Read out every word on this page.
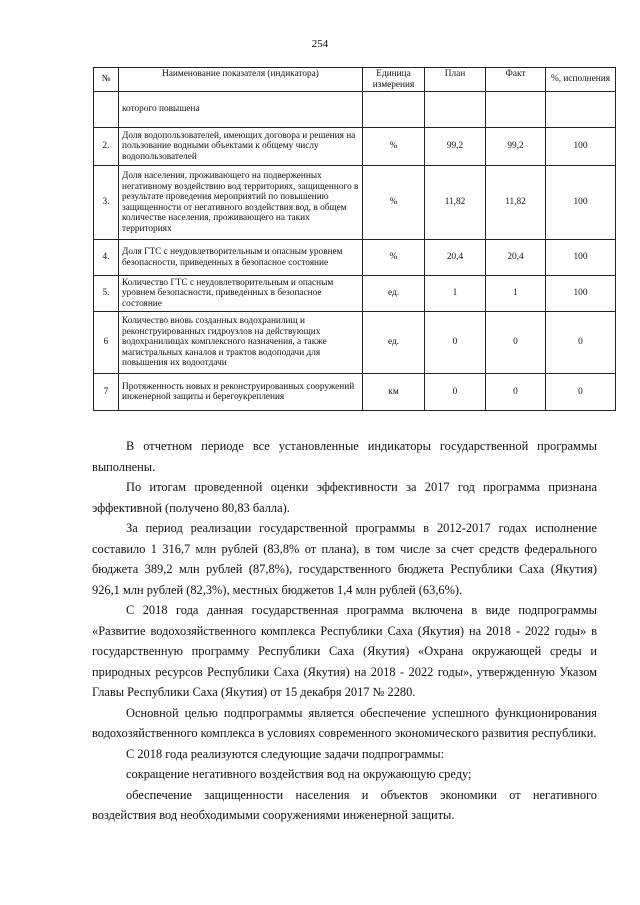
254
№	Наименование показателя (индикатора)	Единица измерения	План	Факт	%, исполнения
	которого повышена				
2.	Доля водопользователей, имеющих договора и решения на пользование водными объектами к общему числу водопользователей	%	99,2	99,2	100
3.	Доля населения, проживающего на подверженных негативному воздействию вод территориях, защищенного в результате проведения мероприятий по повышению защищенности от негативного воздействия вод, в общем количестве населения, проживающего на таких территориях	%	11,82	11,82	100
4.	Доля ГТС с неудовлетворительным и опасным уровнем безопасности, приведенных в безопасное состояние	%	20,4	20,4	100
5.	Количество ГТС с неудовлетворительным и опасным уровнем безопасности, приведенных в безопасное состояние	ед.	1	1	100
6	Количество вновь созданных водохранилищ и реконструированных гидроузлов на действующих водохранилищах комплексного назначения, а также магистральных каналов и трактов водоподачи для повышения их водоотдачи	ед.	0	0	0
7	Протяженность новых и реконструированных сооружений инженерной защиты и берегоукрепления	км	0	0	0

В отчетном периоде все установленные индикаторы государственной программы выполнены.

По итогам проведенной оценки эффективности за 2017 год программа признана эффективной (получено 80,83 балла).

За период реализации государственной программы в 2012-2017 годах исполнение составило 1 316,7 млн рублей (83,8% от плана), в том числе за счет средств федерального бюджета 389,2 млн рублей (87,8%), государственного бюджета Республики Саха (Якутия) 926,1 млн рублей (82,3%), местных бюджетов 1,4 млн рублей (63,6%).

С 2018 года данная государственная программа включена в виде подпрограммы «Развитие водохозяйственного комплекса Республики Саха (Якутия) на 2018 - 2022 годы» в государственную программу Республики Саха (Якутия) «Охрана окружающей среды и природных ресурсов Республики Саха (Якутия) на 2018 - 2022 годы», утвержденную Указом Главы Республики Саха (Якутия) от 15 декабря 2017 № 2280.

Основной целью подпрограммы является обеспечение успешного функционирования водохозяйственного комплекса в условиях современного экономического развития республики.

С 2018 года реализуются следующие задачи подпрограммы:

сокращение негативного воздействия вод на окружающую среду;

обеспечение защищенности населения и объектов экономики от негативного воздействия вод необходимыми сооружениями инженерной защиты.
